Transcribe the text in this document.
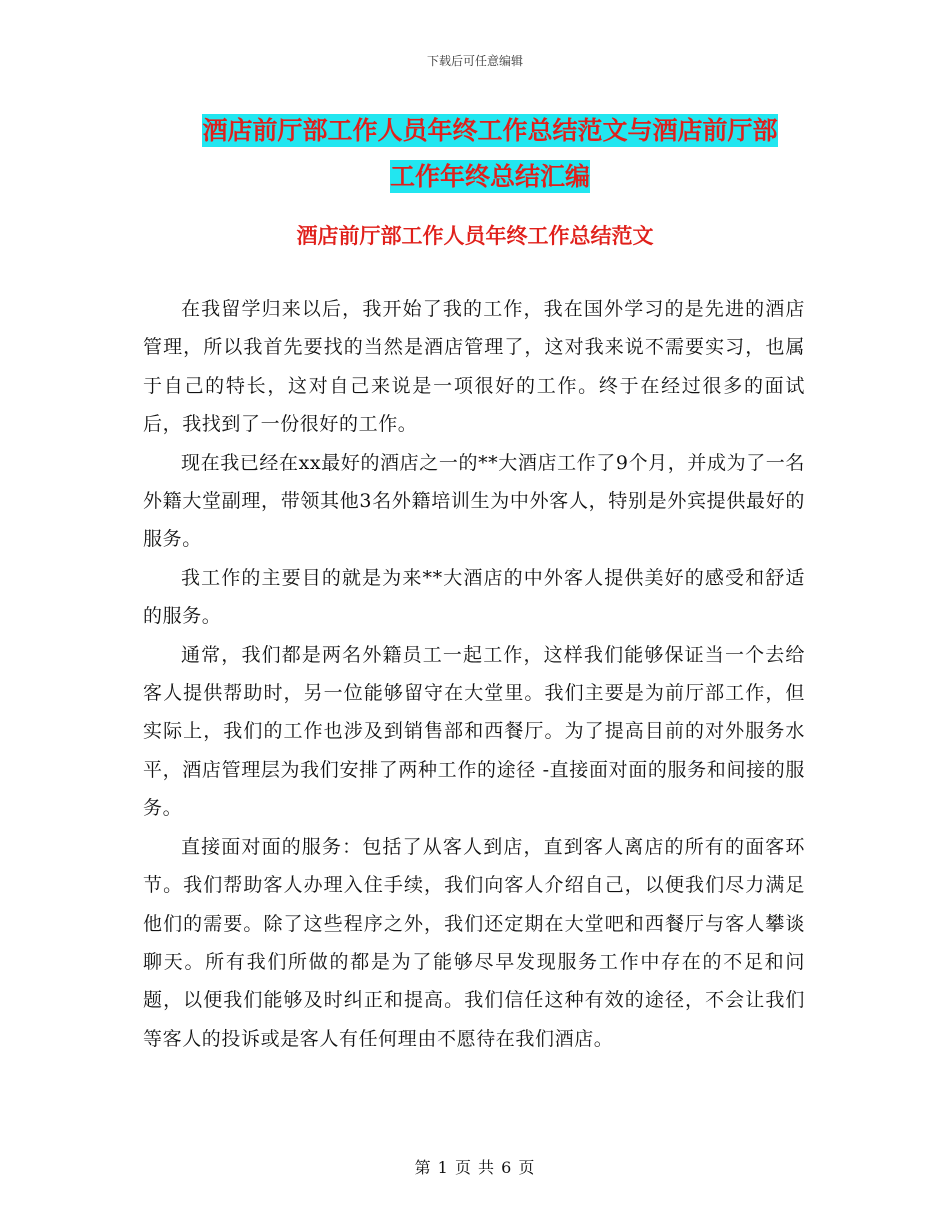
下载后可任意编辑
酒店前厅部工作人员年终工作总结范文与酒店前厅部
工作年终总结汇编
酒店前厅部工作人员年终工作总结范文

在我留学归来以后，我开始了我的工作，我在国外学习的是先进的酒店管理，所以我首先要找的当然是酒店管理了，这对我来说不需要实习，也属于自己的特长，这对自己来说是一项很好的工作。终于在经过很多的面试后，我找到了一份很好的工作。

现在我已经在xx最好的酒店之一的**大酒店工作了9个月，并成为了一名外籍大堂副理，带领其他3名外籍培训生为中外客人，特别是外宾提供最好的服务。

我工作的主要目的就是为来**大酒店的中外客人提供美好的感受和舒适的服务。

通常，我们都是两名外籍员工一起工作，这样我们能够保证当一个去给客人提供帮助时，另一位能够留守在大堂里。我们主要是为前厅部工作，但实际上，我们的工作也涉及到销售部和西餐厅。为了提高目前的对外服务水平，酒店管理层为我们安排了两种工作的途径 -直接面对面的服务和间接的服务。

直接面对面的服务：包括了从客人到店，直到客人离店的所有的面客环节。我们帮助客人办理入住手续，我们向客人介绍自己，以便我们尽力满足他们的需要。除了这些程序之外，我们还定期在大堂吧和西餐厅与客人攀谈聊天。所有我们所做的都是为了能够尽早发现服务工作中存在的不足和问题，以便我们能够及时纠正和提高。我们信任这种有效的途径，不会让我们等客人的投诉或是客人有任何理由不愿待在我们酒店。

第 1 页 共 6 页
